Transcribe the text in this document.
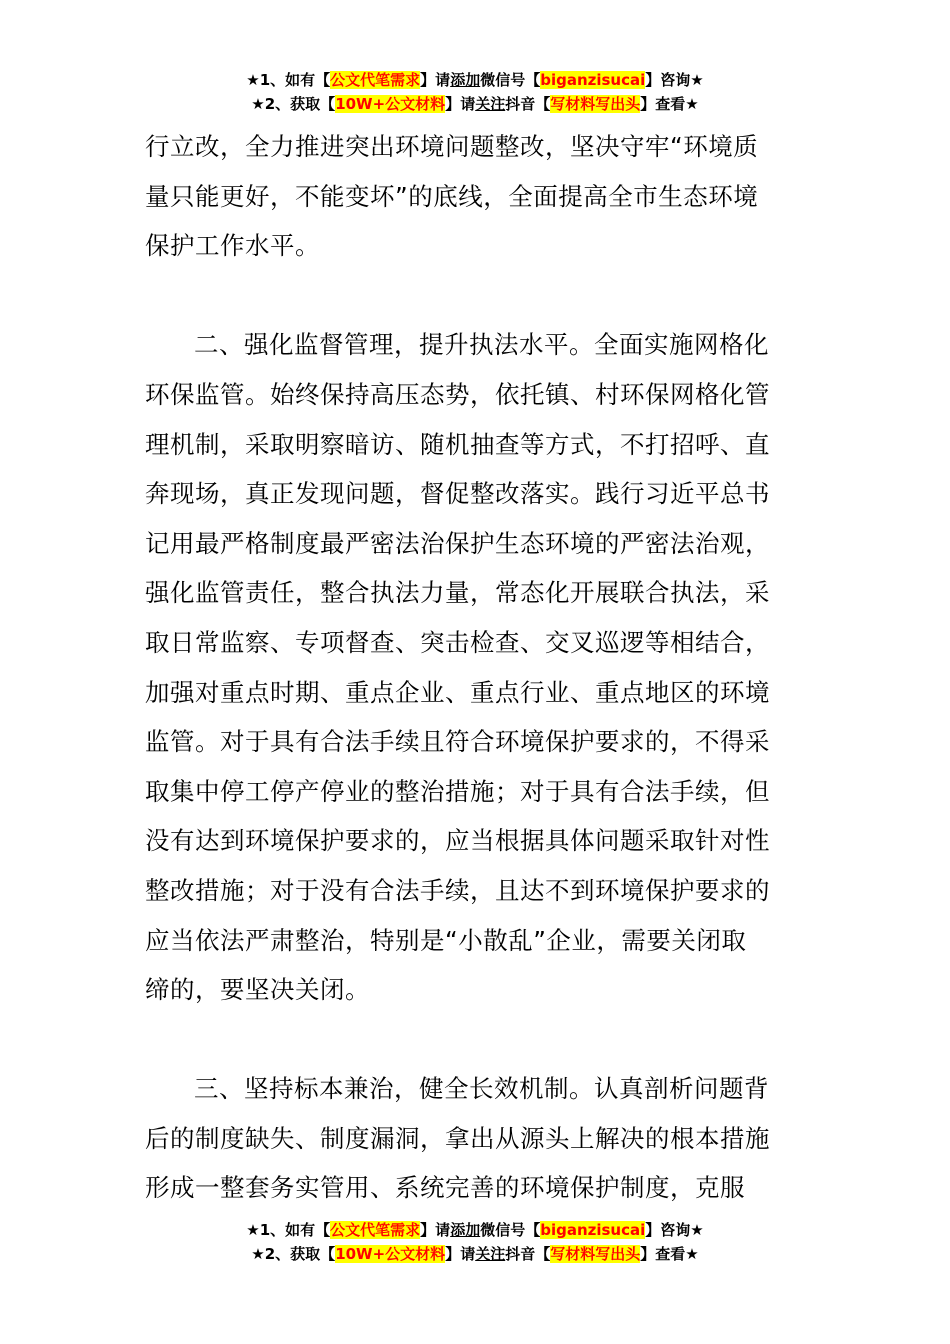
★1、如有【公文代笔需求】请添加微信号【biganzisucai】咨询★
★2、获取【10W+公文材料】请关注抖音【写材料写出头】查看★
行立改，全力推进突出环境问题整改，坚决守牢“环境质
量只能更好，不能变坏”的底线，全面提高全市生态环境
保护工作水平。
二、强化监督管理，提升执法水平。全面实施网格化
环保监管。始终保持高压态势，依托镇、村环保网格化管
理机制，采取明察暗访、随机抽查等方式，不打招呼、直
奔现场，真正发现问题，督促整改落实。践行习近平总书
记用最严格制度最严密法治保护生态环境的严密法治观，
强化监管责任，整合执法力量，常态化开展联合执法，采
取日常监察、专项督查、突击检查、交叉巡逻等相结合，
加强对重点时期、重点企业、重点行业、重点地区的环境
监管。对于具有合法手续且符合环境保护要求的，不得采
取集中停工停产停业的整治措施；对于具有合法手续，但
没有达到环境保护要求的，应当根据具体问题采取针对性
整改措施；对于没有合法手续，且达不到环境保护要求的
应当依法严肃整治，特别是“小散乱”企业，需要关闭取
缔的，要坚决关闭。
三、坚持标本兼治，健全长效机制。认真剖析问题背
后的制度缺失、制度漏洞，拿出从源头上解决的根本措施
形成一整套务实管用、系统完善的环境保护制度，克服
★1、如有【公文代笔需求】请添加微信号【biganzisucai】咨询★
★2、获取【10W+公文材料】请关注抖音【写材料写出头】查看★
